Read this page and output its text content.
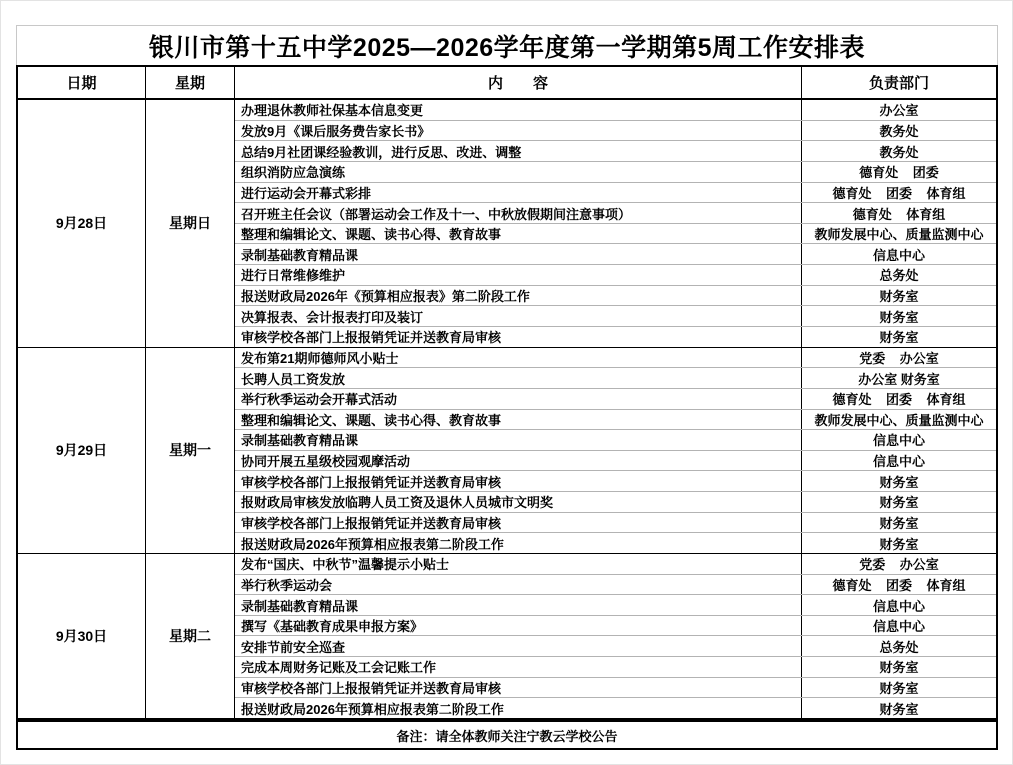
银川市第十五中学2025—2026学年度第一学期第5周工作安排表
日期	星期	内　　容	负责部门
9月28日	星期日
办理退休教师社保基本信息变更	办公室
发放9月《课后服务费告家长书》	教务处
总结9月社团课经验教训，进行反思、改进、调整	教务处
组织消防应急演练	德育处    团委
进行运动会开幕式彩排	德育处    团委    体育组
召开班主任会议（部署运动会工作及十一、中秋放假期间注意事项）	德育处    体育组
整理和编辑论文、课题、读书心得、教育故事	教师发展中心、质量监测中心
录制基础教育精品课	信息中心
进行日常维修维护	总务处
报送财政局2026年《预算相应报表》第二阶段工作	财务室
决算报表、会计报表打印及装订	财务室
审核学校各部门上报报销凭证并送教育局审核	财务室
9月29日	星期一
发布第21期师德师风小贴士	党委    办公室
长聘人员工资发放	办公室 财务室
举行秋季运动会开幕式活动	德育处    团委    体育组
整理和编辑论文、课题、读书心得、教育故事	教师发展中心、质量监测中心
录制基础教育精品课	信息中心
协同开展五星级校园观摩活动	信息中心
审核学校各部门上报报销凭证并送教育局审核	财务室
报财政局审核发放临聘人员工资及退休人员城市文明奖	财务室
审核学校各部门上报报销凭证并送教育局审核	财务室
报送财政局2026年预算相应报表第二阶段工作	财务室
9月30日	星期二
发布“国庆、中秋节”温馨提示小贴士	党委    办公室
举行秋季运动会	德育处    团委    体育组
录制基础教育精品课	信息中心
撰写《基础教育成果申报方案》	信息中心
安排节前安全巡查	总务处
完成本周财务记账及工会记账工作	财务室
审核学校各部门上报报销凭证并送教育局审核	财务室
报送财政局2026年预算相应报表第二阶段工作	财务室
备注：请全体教师关注宁教云学校公告
